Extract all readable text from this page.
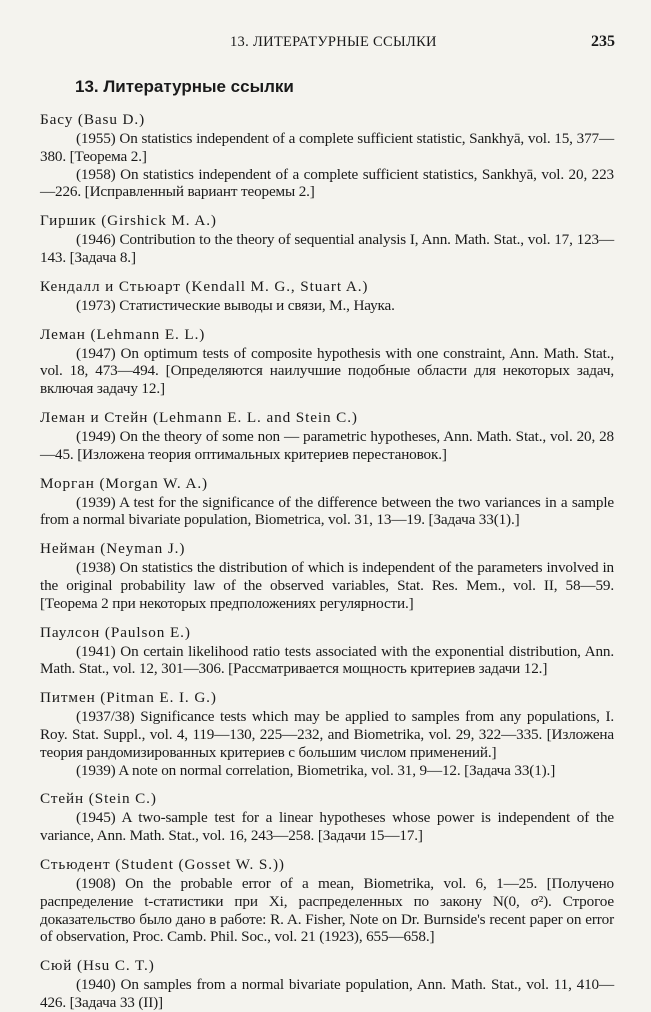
13. ЛИТЕРАТУРНЫЕ ССЫЛКИ	235
13. Литературные ссылки
Басу (Basu D.)
(1955) On statistics independent of a complete sufficient statistic, Sankhyā, vol. 15, 377—380. [Теорема 2.]
(1958) On statistics independent of a complete sufficient statistics, Sankhyā, vol. 20, 223—226. [Исправленный вариант теоремы 2.]
Гиршик (Girshick M. A.)
(1946) Contribution to the theory of sequential analysis I, Ann. Math. Stat., vol. 17, 123—143. [Задача 8.]
Кендалл и Стьюарт (Kendall M. G., Stuart A.)
(1973) Статистические выводы и связи, М., Наука.
Леман (Lehmann E. L.)
(1947) On optimum tests of composite hypothesis with one constraint, Ann. Math. Stat., vol. 18, 473—494. [Определяются наилучшие подобные области для некоторых задач, включая задачу 12.]
Леман и Стейн (Lehmann E. L. and Stein C.)
(1949) On the theory of some non — parametric hypotheses, Ann. Math. Stat., vol. 20, 28—45. [Изложена теория оптимальных критериев перестановок.]
Морган (Morgan W. A.)
(1939) A test for the significance of the difference between the two variances in a sample from a normal bivariate population, Biometrica, vol. 31, 13—19. [Задача 33(1).]
Нейман (Neyman J.)
(1938) On statistics the distribution of which is independent of the parameters involved in the original probability law of the observed variables, Stat. Res. Mem., vol. II, 58—59. [Теорема 2 при некоторых предположениях регулярности.]
Паулсон (Paulson E.)
(1941) On certain likelihood ratio tests associated with the exponential distribution, Ann. Math. Stat., vol. 12, 301—306. [Рассматривается мощность критериев задачи 12.]
Питмен (Pitman E. I. G.)
(1937/38) Significance tests which may be applied to samples from any populations, I. Roy. Stat. Suppl., vol. 4, 119—130, 225—232, and Biometrika, vol. 29, 322—335. [Изложена теория рандомизированных критериев с большим числом применений.]
(1939) A note on normal correlation, Biometrika, vol. 31, 9—12. [Задача 33(1).]
Стейн (Stein C.)
(1945) A two-sample test for a linear hypotheses whose power is independent of the variance, Ann. Math. Stat., vol. 16, 243—258. [Задачи 15—17.]
Стьюдент (Student (Gosset W. S.))
(1908) On the probable error of a mean, Biometrika, vol. 6, 1—25. [Получено распределение t-статистики при Xi, распределенных по закону N(0, σ²). Строгое доказательство было дано в работе: R. A. Fisher, Note on Dr. Burnside's recent paper on error of observation, Proc. Camb. Phil. Soc., vol. 21 (1923), 655—658.]
Сюй (Hsu C. T.)
(1940) On samples from a normal bivariate population, Ann. Math. Stat., vol. 11, 410—426. [Задача 33 (II)]
